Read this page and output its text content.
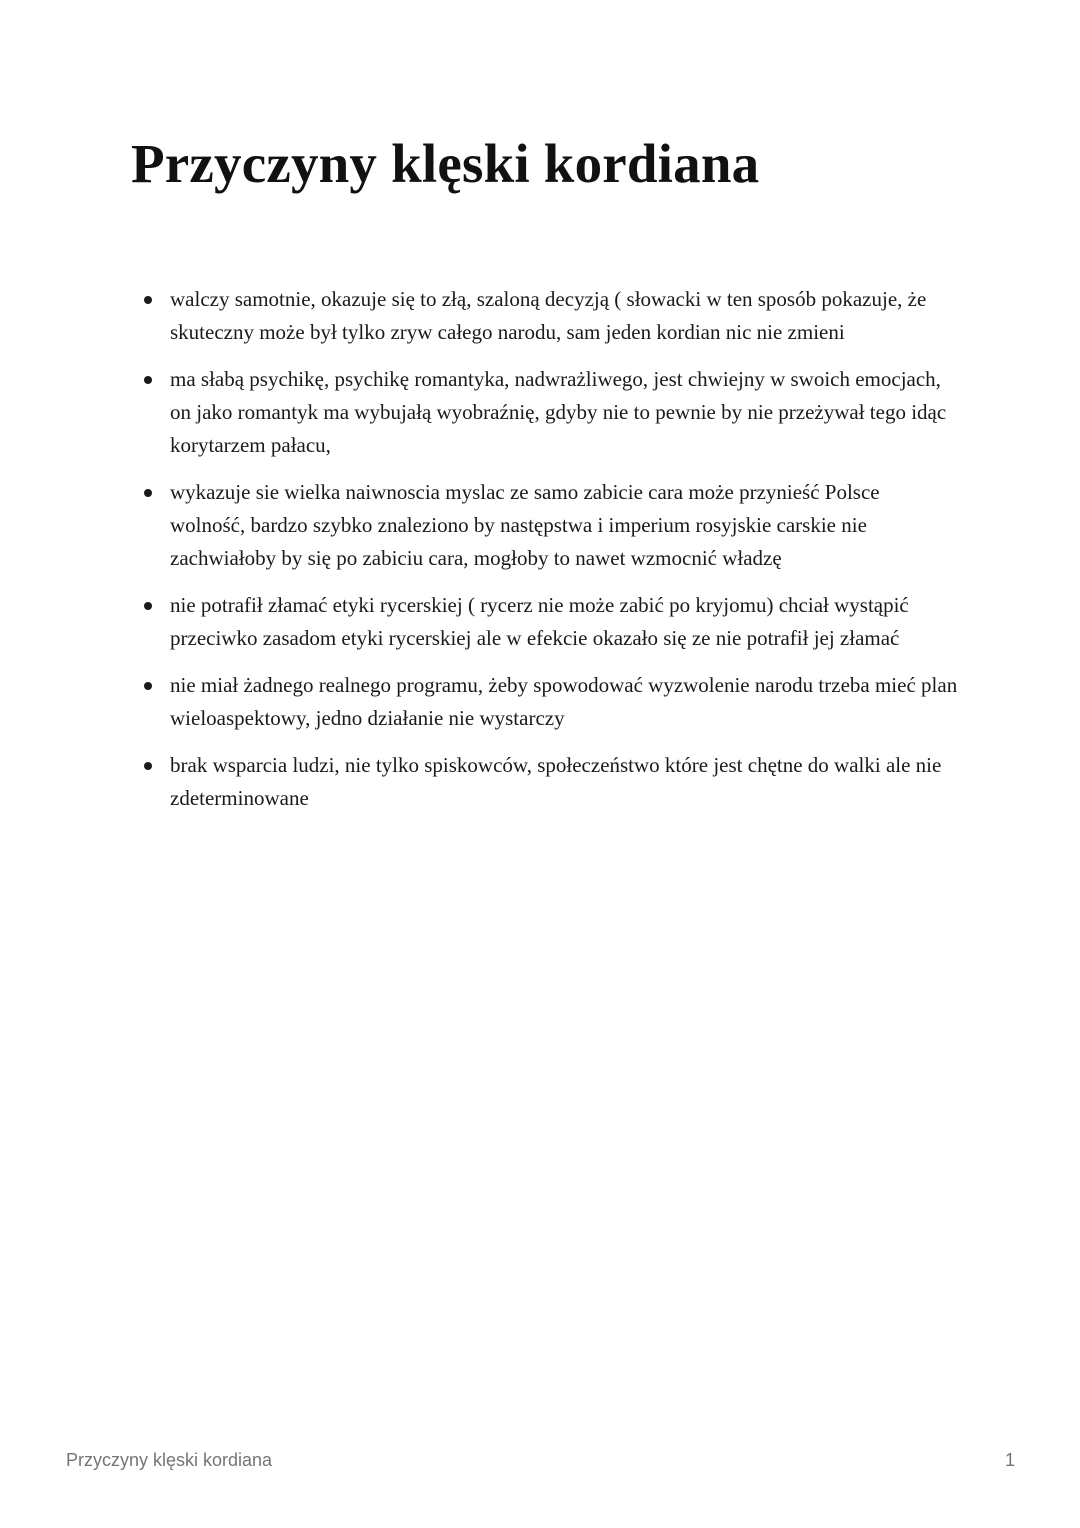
Przyczyny klęski kordiana
walczy samotnie, okazuje się to złą, szaloną decyzją ( słowacki w ten sposób pokazuje, że skuteczny może był tylko zryw całego narodu, sam jeden kordian nic nie zmieni
ma słabą psychikę, psychikę romantyka, nadwrażliwego, jest chwiejny w swoich emocjach, on jako romantyk ma wybujałą wyobraźnię, gdyby nie to pewnie by nie przeżywał tego idąc korytarzem pałacu,
wykazuje sie wielka naiwnoscia myslac ze samo zabicie cara może przynieść Polsce wolność, bardzo szybko znaleziono by następstwa i imperium rosyjskie carskie nie zachwiałoby by się po zabiciu cara, mogłoby to nawet wzmocnić władzę
nie potrafił złamać etyki rycerskiej ( rycerz nie może zabić po kryjomu) chciał wystąpić przeciwko zasadom etyki rycerskiej ale w efekcie okazało się ze nie potrafił jej złamać
nie miał żadnego realnego programu, żeby spowodować wyzwolenie narodu trzeba mieć plan wieloaspektowy, jedno działanie nie wystarczy
brak wsparcia ludzi, nie tylko spiskowców, społeczeństwo które jest chętne do walki ale nie zdeterminowane
Przyczyny klęski kordiana	1
